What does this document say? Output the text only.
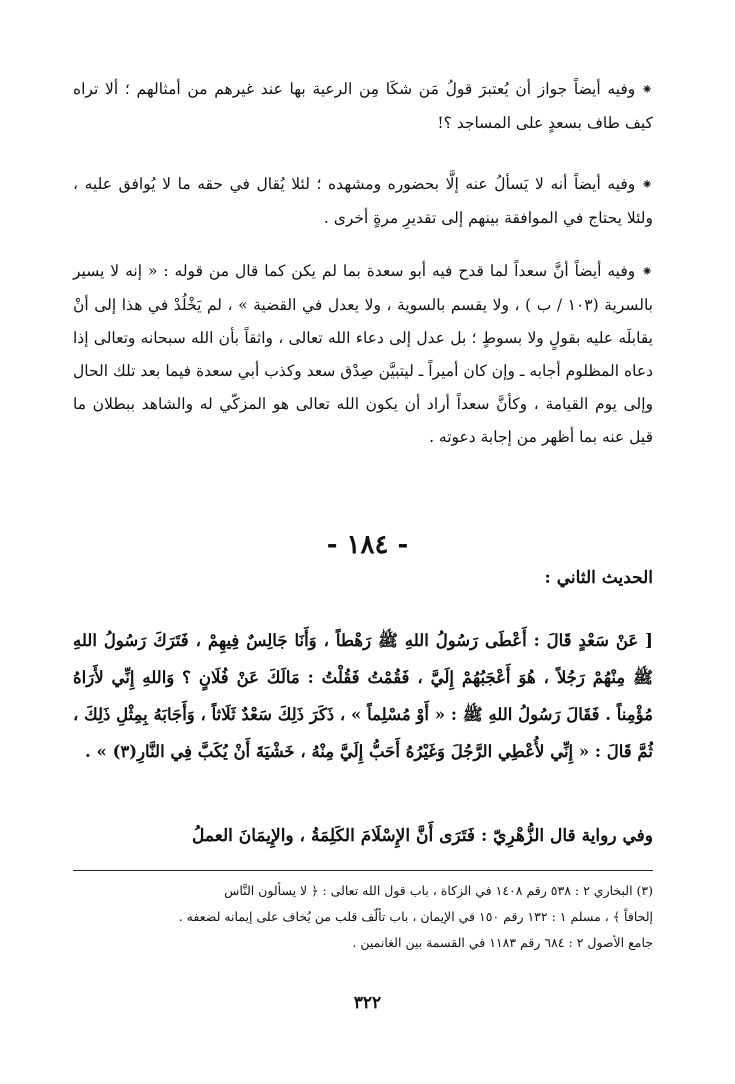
⁕وفيه أيضاً جواز أن يُعتبرَ قولُ مَن شكَا مِن الرعية بها عند غيرهم من أمثالهم ؛ ألا تراه كيف طاف بسعدٍ على المساجد ؟!
⁕وفيه أيضاً أنه لا يَسألُ عنه إلَّا بحضوره ومشهده ؛ لئلا يُقال في حقه ما لا يُوافق عليه ، ولئلا يحتاج في الموافقة بينهم إلى تقديرِ مرةٍ أخرى .
⁕وفيه أيضاً أنَّ سعداً لما قدح فيه أبو سعدة بما لم يكن كما قال من قوله : « إنه لا يسير بالسرية (١٠٣ / ب ) ، ولا يقسم بالسوية ، ولا يعدل في القضية » ، لم يَخْلُدْ في هذا إلى أنْ يقابلَه عليه بقولٍ ولا بسوطٍ ؛ بل عدل إلى دعاء الله تعالى ، واثقاً بأن الله سبحانه وتعالى إذا دعاه المظلوم أجابه ـ وإن كان أميراً ـ ليتبيَّن صِدْق سعد وكذب أبي سعدة فيما بعد تلك الحال وإلى يوم القيامة ، وكأنَّ سعداً أراد أن يكون الله تعالى هو المزكّي له والشاهد ببطلان ما قيل عنه بما أظهر من إجابة دعوته .
- ١٨٤ -
الحديث الثاني :
[ عَنْ سَعْدٍ قَالَ : أَعْطَى رَسُولُ اللهِ ﷺ رَهْطاً ، وَأَنَا جَالِسٌ فِيهِمْ ، فَتَرَكَ رَسُولُ اللهِ ﷺ مِنْهُمْ رَجُلاً ، هُوَ أَعْجَبُهُمْ إِلَيَّ ، فَقُمْتُ فَقُلْتُ : مَالَكَ عَنْ فُلَانٍ ؟ وَاللهِ إِنِّي لأَرَاهُ مُؤْمِناً . فَقَالَ رَسُولُ اللهِ ﷺ : « أَوْ مُسْلِماً » ، ذَكَرَ ذَلِكَ سَعْدٌ ثَلَاثاً ، وَأَجَابَهُ بِمِثْلِ ذَلِكَ ، ثُمَّ قَالَ : « إِنِّي لأُعْطِي الرَّجُلَ وَغَيْرُهُ أَحَبُّ إِلَيَّ مِنْهُ ، خَشْيَةَ أَنْ يُكَبَّ فِي النَّارِ(٣) » .
وفي رواية قال الزُّهْرِيّ : فَتَرَى أَنَّ الإِسْلَامَ الكَلِمَةُ ، والإِيمَانَ العملُ
(٣) البخاري ٢ : ٥٣٨ رقم ١٤٠٨ في الزكاة ، باب قول الله تعالى : ﴿ لا يسألون النَّاس
إلحافاً ﴾ ، مسلم ١ : ١٣٢ رقم ١٥٠ في الإيمان ، باب تألّف قلب من يُخاف على إيمانه لضعفه .
جامع الأصول ٢ : ٦٨٤ رقم ١١٨٣ في القسمة بين الغانمين .
٣٢٢
